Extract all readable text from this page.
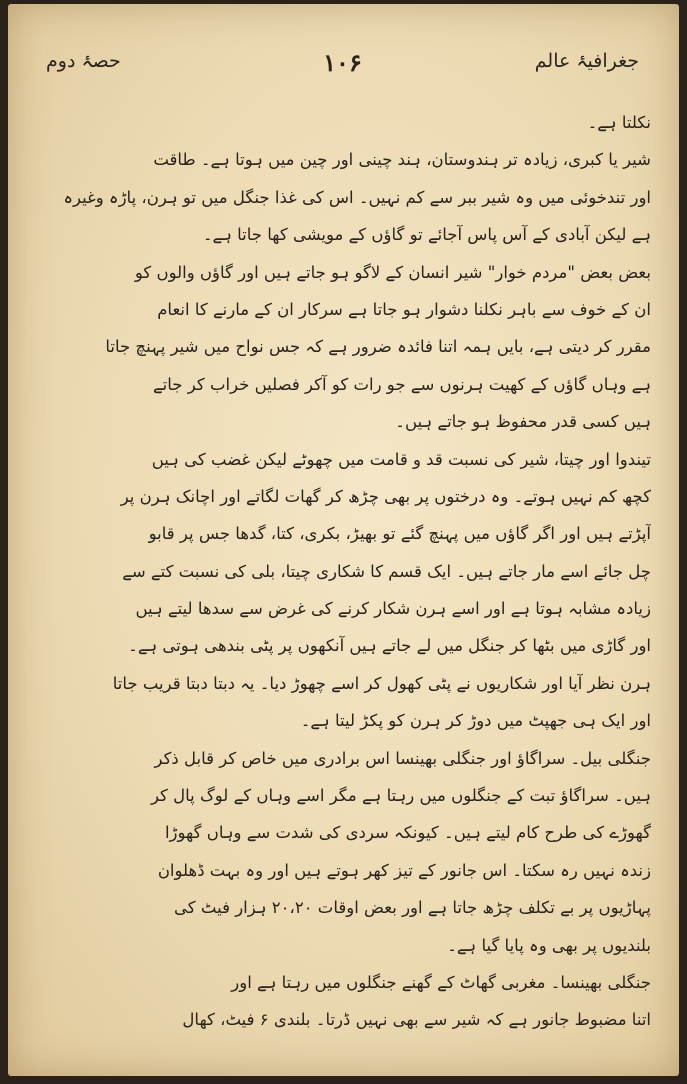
حصۂ دوم	۱۰۶	جغرافیۂ عالم
نکلتا ہے۔
شیر یا کبری، زیادہ تر ہندوستان، ہند چینی اور چین میں ہوتا ہے۔ طاقت
اور تندخوئی میں وہ شیر ببر سے کم نہیں۔ اس کی غذا جنگل میں تو ہرن، پاڑہ وغیرہ
ہے لیکن آبادی کے آس پاس آجائے تو گاؤں کے مویشی کھا جاتا ہے۔
بعض بعض "مردم خوار" شیر انسان کے لاگو ہو جاتے ہیں اور گاؤں والوں کو
ان کے خوف سے باہر نکلنا دشوار ہو جاتا ہے سرکار ان کے مارنے کا انعام
مقرر کر دیتی ہے، بایں ہمہ اتنا فائدہ ضرور ہے کہ جس نواح میں شیر پہنچ جاتا
ہے وہاں گاؤں کے کھیت ہرنوں سے جو رات کو آکر فصلیں خراب کر جاتے
ہیں کسی قدر محفوظ ہو جاتے ہیں۔
تیندوا اور چیتا، شیر کی نسبت قد و قامت میں چھوٹے لیکن غضب کی ہیں
کچھ کم نہیں ہوتے۔ وہ درختوں پر بھی چڑھ کر گھات لگاتے اور اچانک ہرن پر
آپڑتے ہیں اور اگر گاؤں میں پہنچ گئے تو بھیڑ، بکری، کتا، گدھا جس پر قابو
چل جائے اسے مار جاتے ہیں۔ ایک قسم کا شکاری چیتا، بلی کی نسبت کتے سے
زیادہ مشابہ ہوتا ہے اور اسے ہرن شکار کرنے کی غرض سے سدھا لیتے ہیں
اور گاڑی میں بٹھا کر جنگل میں لے جاتے ہیں آنکھوں پر پٹی بندھی ہوتی ہے۔
ہرن نظر آیا اور شکاریوں نے پٹی کھول کر اسے چھوڑ دیا۔ یہ دبتا دبتا قریب جاتا
اور ایک ہی جھپٹ میں دوڑ کر ہرن کو پکڑ لیتا ہے۔
جنگلی بیل۔ سراگاؤ اور جنگلی بھینسا اس برادری میں خاص کر قابل ذکر
ہیں۔ سراگاؤ تبت کے جنگلوں میں رہتا ہے مگر اسے وہاں کے لوگ پال کر
گھوڑے کی طرح کام لیتے ہیں۔ کیونکہ سردی کی شدت سے وہاں گھوڑا
زندہ نہیں رہ سکتا۔ اس جانور کے تیز کھر ہوتے ہیں اور وہ بہت ڈھلوان
پہاڑیوں پر بے تکلف چڑھ جاتا ہے اور بعض اوقات ۲۰،۲۰ ہزار فیٹ کی
بلندیوں پر بھی وہ پایا گیا ہے۔
جنگلی بھینسا۔ مغربی گھاٹ کے گھنے جنگلوں میں رہتا ہے اور
اتنا مضبوط جانور ہے کہ شیر سے بھی نہیں ڈرتا۔ بلندی ۶ فیٹ، کھال
